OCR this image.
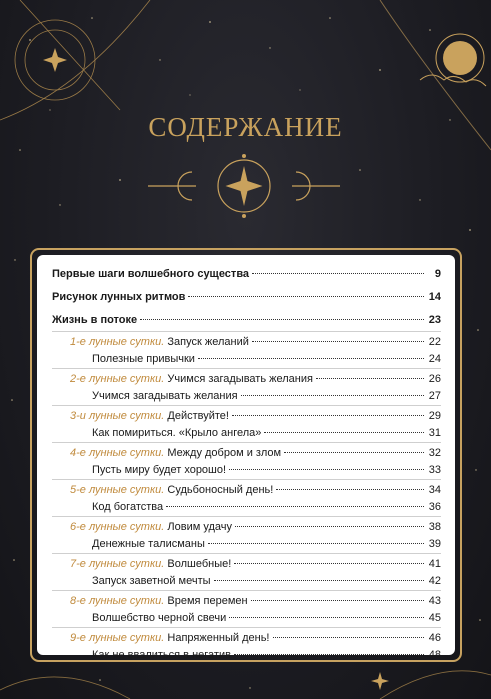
СОДЕРЖАНИЕ
Первые шаги волшебного существа	9
Рисунок лунных ритмов	14
Жизнь в потоке	23
1-е лунные сутки. Запуск желаний	22
Полезные привычки	24
2-е лунные сутки. Учимся загадывать желания	26
Учимся загадывать желания	27
3-и лунные сутки. Действуйте!	29
Как помириться. «Крыло ангела»	31
4-е лунные сутки. Между добром и злом	32
Пусть миру будет хорошо!	33
5-е лунные сутки. Судьбоносный день!	34
Код богатства	36
6-е лунные сутки. Ловим удачу	38
Денежные талисманы	39
7-е лунные сутки. Волшебные!	41
Запуск заветной мечты	42
8-е лунные сутки. Время перемен	43
Волшебство черной свечи	45
9-е лунные сутки. Напряженный день!	46
Как не ввалиться в негатив	48
